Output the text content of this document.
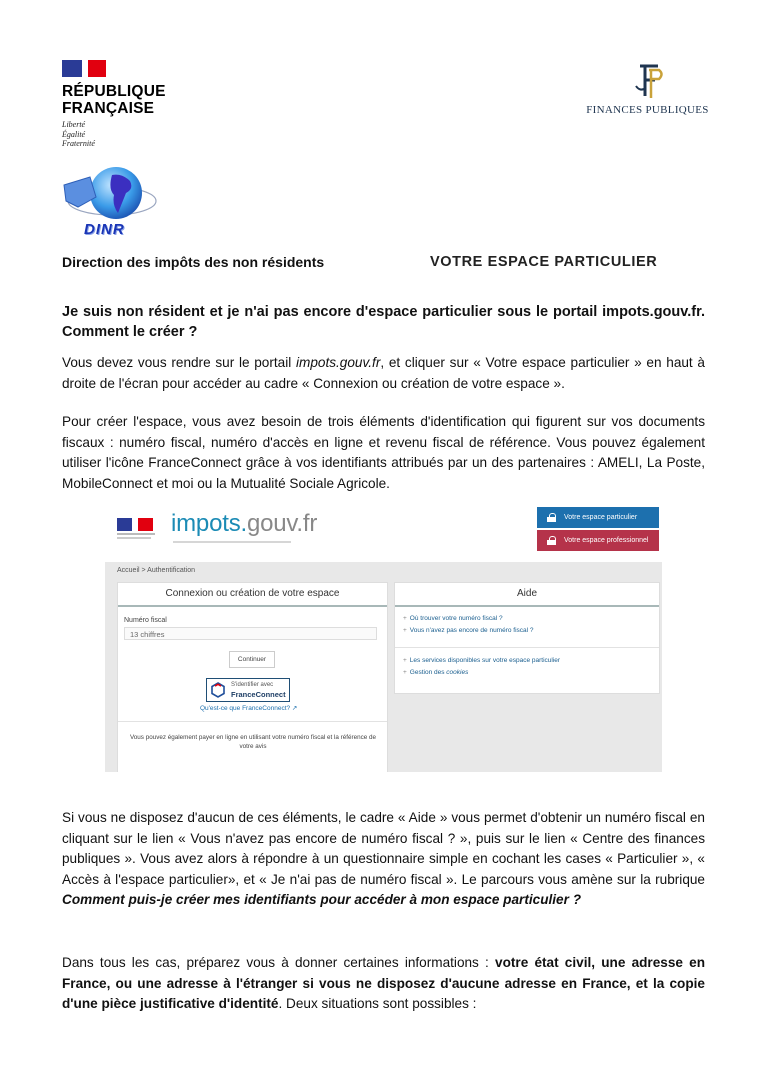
RÉPUBLIQUE
FRANÇAISE
Liberté
Égalité
Fraternité
FINANCES PUBLIQUES
DINR
Direction des impôts des non résidents	VOTRE ESPACE PARTICULIER
Je suis non résident et je n'ai pas encore d'espace particulier sous le portail impots.gouv.fr. Comment le créer ?
Vous devez vous rendre sur le portail impots.gouv.fr, et cliquer sur « Votre espace particulier » en haut à droite de l'écran pour accéder au cadre « Connexion ou création de votre espace ».
Pour créer l'espace, vous avez besoin de trois éléments d'identification qui figurent sur vos documents fiscaux : numéro fiscal, numéro d'accès en ligne et revenu fiscal de référence. Vous pouvez également utiliser l'icône FranceConnect grâce à vos identifiants attribués par un des partenaires : AMELI, La Poste, MobileConnect et moi ou la Mutualité Sociale Agricole.
impots.gouv.fr	Votre espace particulier
Votre espace professionnel
Accueil > Authentification
Connexion ou création de votre espace
Numéro fiscal
13 chiffres
Continuer
S'identifier avec
FranceConnect
Qu'est-ce que FranceConnect? ↗
Vous pouvez également payer en ligne en utilisant votre numéro fiscal et la référence de votre avis
Aide
+ Où trouver votre numéro fiscal ?
+ Vous n'avez pas encore de numéro fiscal ?
+ Les services disponibles sur votre espace particulier
+ Gestion des cookies
Si vous ne disposez d'aucun de ces éléments, le cadre « Aide » vous permet d'obtenir un numéro fiscal en cliquant sur le lien « Vous n'avez pas encore de numéro fiscal ? », puis sur le lien « Centre des finances publiques ». Vous avez alors à répondre à un questionnaire simple en cochant les cases « Particulier », « Accès à l'espace particulier», et « Je n'ai pas de numéro fiscal ». Le parcours vous amène sur la rubrique Comment puis-je créer mes identifiants pour accéder à mon espace particulier ?
Dans tous les cas, préparez vous à donner certaines informations : votre état civil, une adresse en France, ou une adresse à l'étranger si vous ne disposez d'aucune adresse en France, et la copie d'une pièce justificative d'identité. Deux situations sont possibles :
